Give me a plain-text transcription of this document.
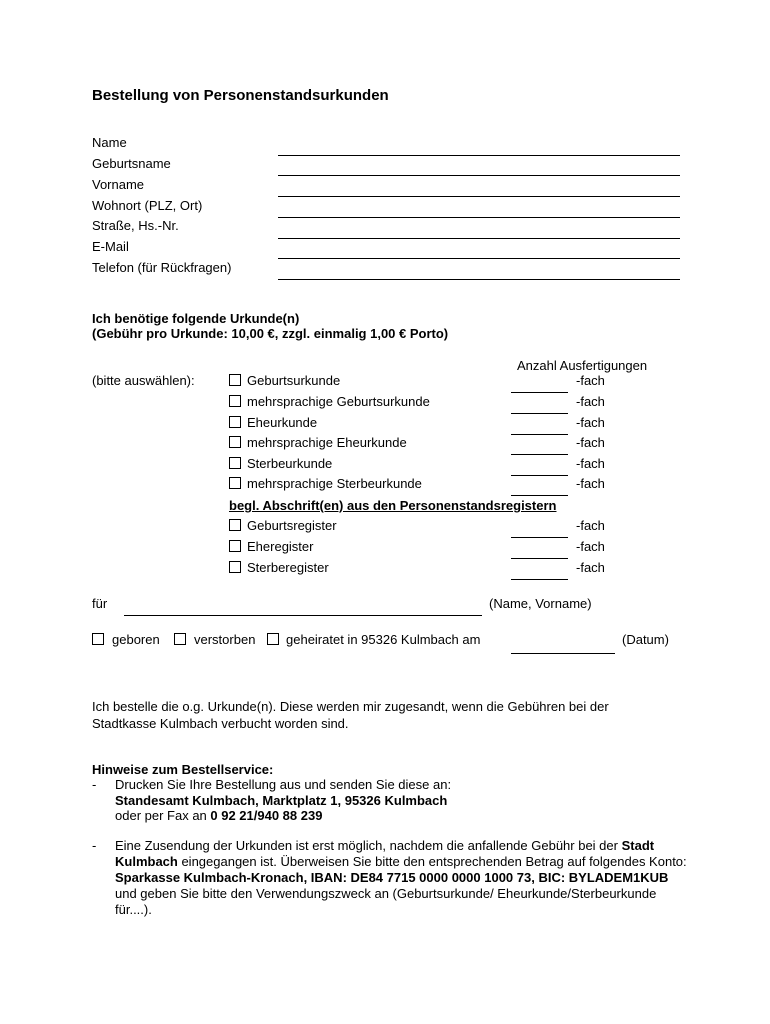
Bestellung von Personenstandsurkunden
Name
Geburtsname
Vorname
Wohnort (PLZ, Ort)
Straße, Hs.-Nr.
E-Mail
Telefon (für Rückfragen)
Ich benötige folgende Urkunde(n)
(Gebühr pro Urkunde: 10,00 €, zzgl. einmalig 1,00 € Porto)
Anzahl Ausfertigungen
(bitte auswählen):	Geburtsurkunde	-fach
mehrsprachige Geburtsurkunde	-fach
Eheurkunde	-fach
mehrsprachige Eheurkunde	-fach
Sterbeurkunde	-fach
mehrsprachige Sterbeurkunde	-fach
begl. Abschrift(en) aus den Personenstandsregistern
Geburtsregister	-fach
Eheregister	-fach
Sterberegister	-fach
für	(Name, Vorname)
geboren	verstorben geheiratet in 95326 Kulmbach am	(Datum)
Ich bestelle die o.g. Urkunde(n). Diese werden mir zugesandt, wenn die Gebühren bei der Stadtkasse Kulmbach verbucht worden sind.
Hinweise zum Bestellservice:
- Drucken Sie Ihre Bestellung aus und senden Sie diese an:
Standesamt Kulmbach, Marktplatz 1, 95326 Kulmbach
oder per Fax an 0 92 21/940 88 239
- Eine Zusendung der Urkunden ist erst möglich, nachdem die anfallende Gebühr bei der Stadt Kulmbach eingegangen ist. Überweisen Sie bitte den entsprechenden Betrag auf folgendes Konto: Sparkasse Kulmbach-Kronach, IBAN: DE84 7715 0000 0000 1000 73, BIC: BYLADEM1KUB und geben Sie bitte den Verwendungszweck an (Geburtsurkunde/ Eheurkunde/Sterbeurkunde für....).
